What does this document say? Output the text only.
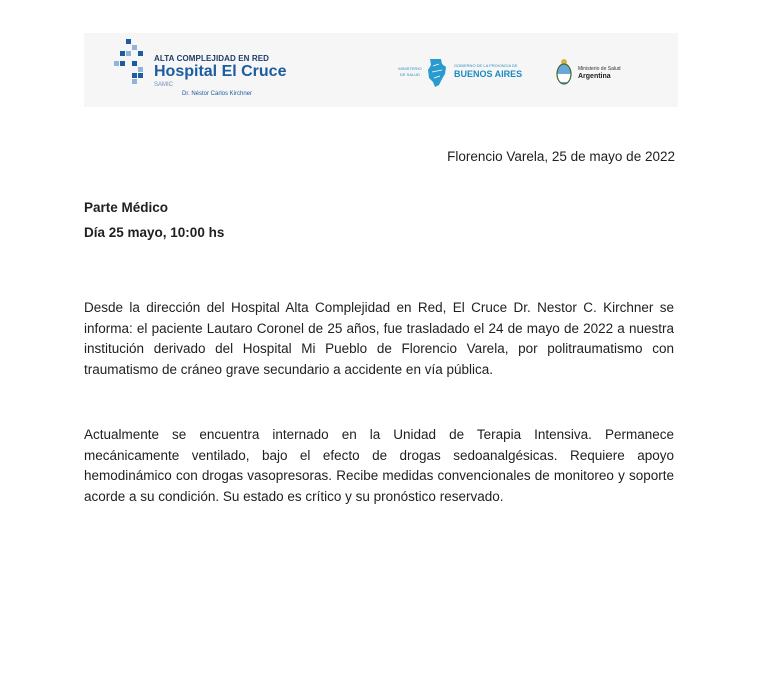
ALTA COMPLEJIDAD EN RED
Hospital El Cruce
SAMIC
Dr. Néstor Carlos Kirchner
MINISTERIO DE SALUD
GOBIERNO DE LA PROVINCIA DE
BUENOS AIRES	Ministerio de Salud
Argentina
Florencio Varela, 25 de mayo de 2022
Parte Médico
Día 25 mayo, 10:00 hs

Desde la dirección del Hospital Alta Complejidad en Red, El Cruce Dr. Nestor C. Kirchner se informa: el paciente Lautaro Coronel de 25 años, fue trasladado el 24 de mayo de 2022 a nuestra institución derivado del Hospital Mi Pueblo de Florencio Varela, por politraumatismo con traumatismo de cráneo grave secundario a accidente en vía pública.

Actualmente se encuentra internado en la Unidad de Terapia Intensiva. Permanece mecánicamente ventilado, bajo el efecto de drogas sedoanalgésicas. Requiere apoyo hemodinámico con drogas vasopresoras. Recibe medidas convencionales de monitoreo y soporte acorde a su condición. Su estado es crítico y su pronóstico reservado.
